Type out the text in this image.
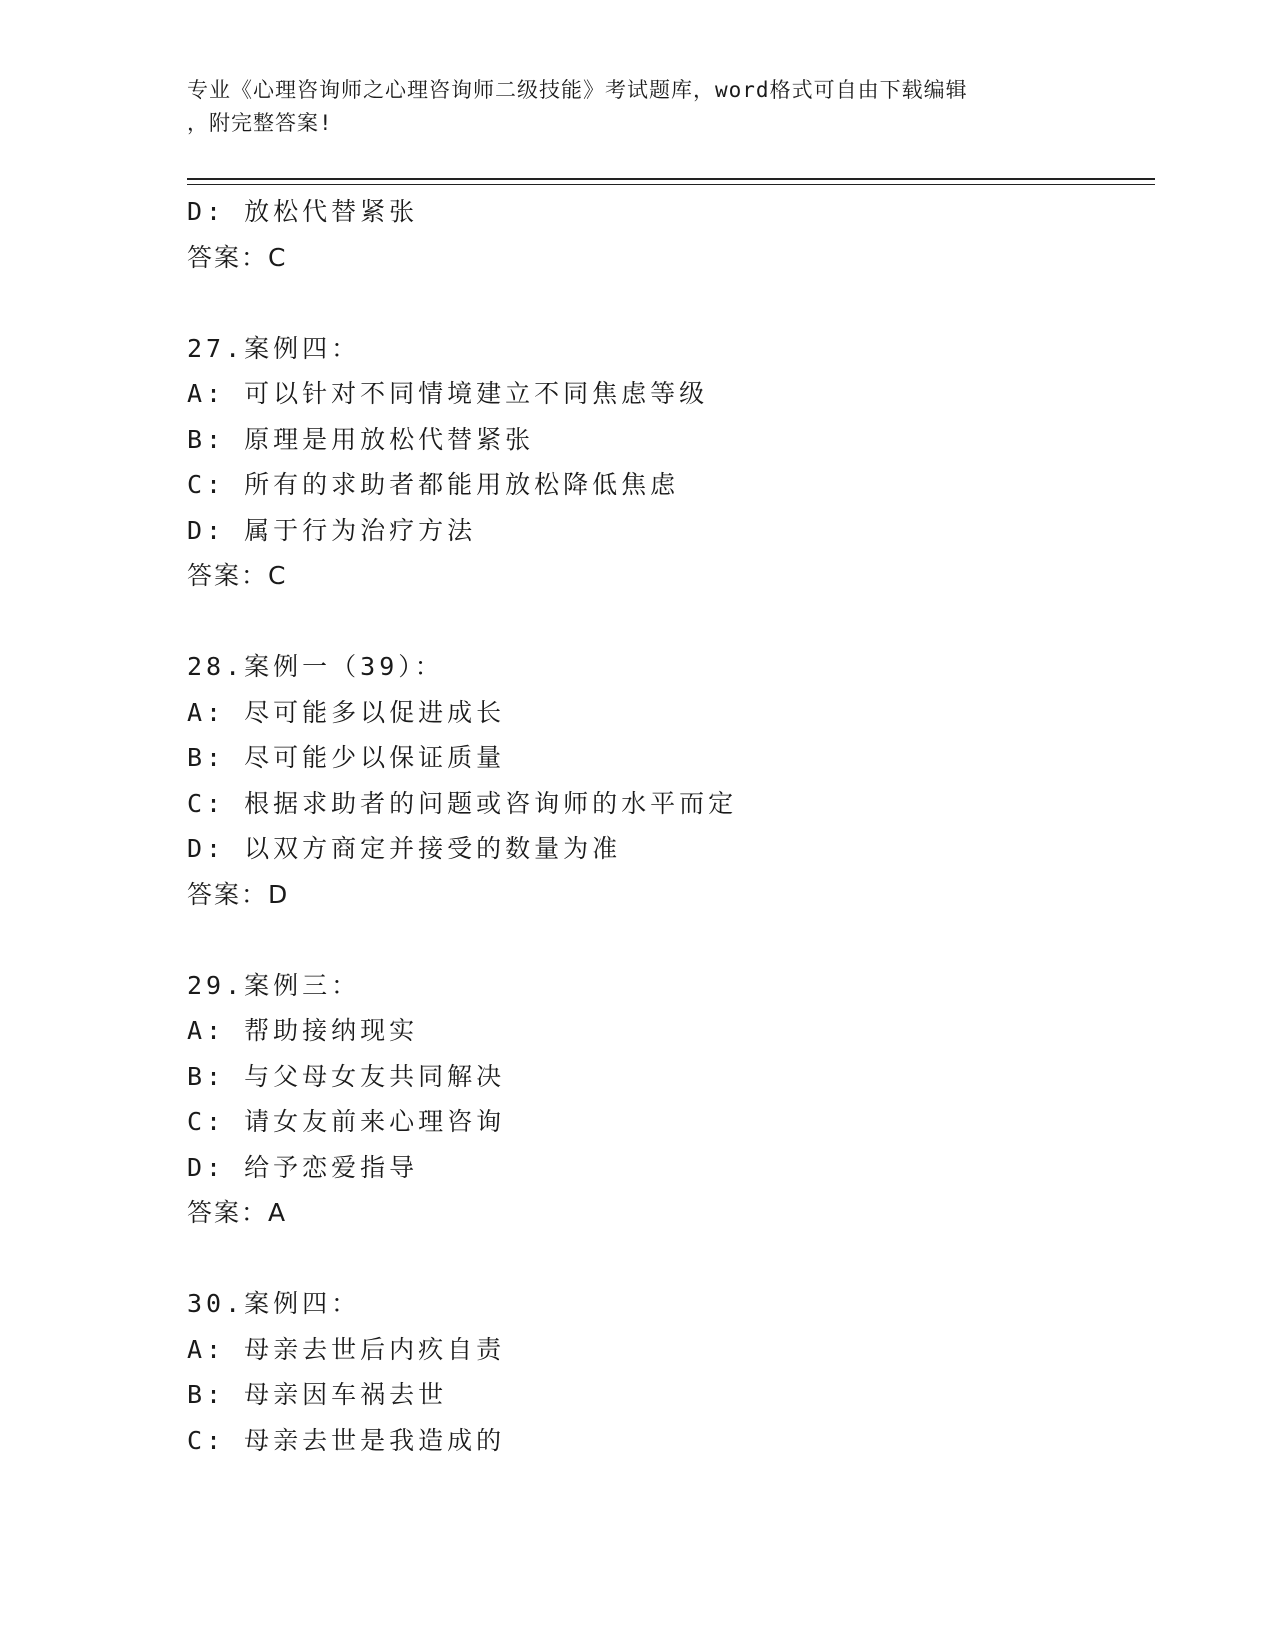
专业《心理咨询师之心理咨询师二级技能》考试题库，word格式可自由下载编辑
，附完整答案!
D: 放松代替紧张
答案：C
27.案例四：
A: 可以针对不同情境建立不同焦虑等级
B: 原理是用放松代替紧张
C: 所有的求助者都能用放松降低焦虑
D: 属于行为治疗方法
答案：C
28.案例一（39）：
A: 尽可能多以促进成长
B: 尽可能少以保证质量
C: 根据求助者的问题或咨询师的水平而定
D: 以双方商定并接受的数量为准
答案：D
29.案例三：
A: 帮助接纳现实
B: 与父母女友共同解决
C: 请女友前来心理咨询
D: 给予恋爱指导
答案：A
30.案例四：
A: 母亲去世后内疚自责
B: 母亲因车祸去世
C: 母亲去世是我造成的
